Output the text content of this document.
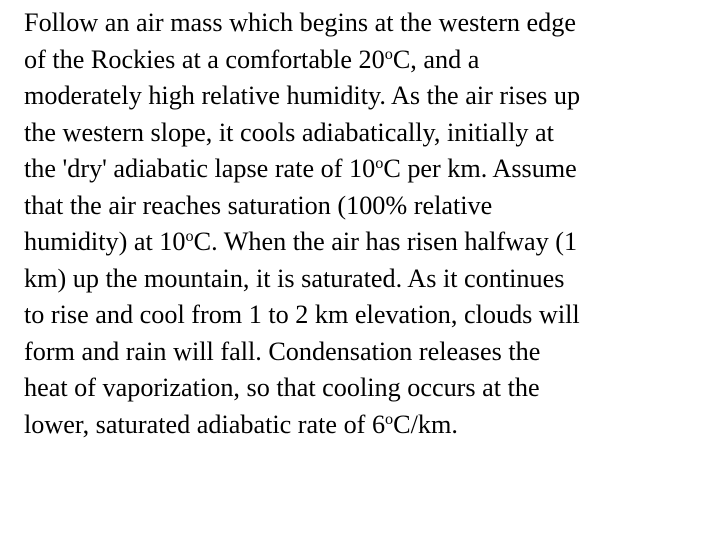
Follow an air mass which begins at the western edge
of the Rockies at a comfortable 20$^o$C, and a
moderately high relative humidity. As the air rises up
the western slope, it cools adiabatically, initially at
the 'dry' adiabatic lapse rate of 10$^o$C per km. Assume
that the air reaches saturation (100% relative
humidity) at 10$^o$C. When the air has risen halfway (1
km) up the mountain, it is saturated. As it continues
to rise and cool from 1 to 2 km elevation, clouds will
form and rain will fall. Condensation releases the
heat of vaporization, so that cooling occurs at the
lower, saturated adiabatic rate of 6$^o$C/km.
